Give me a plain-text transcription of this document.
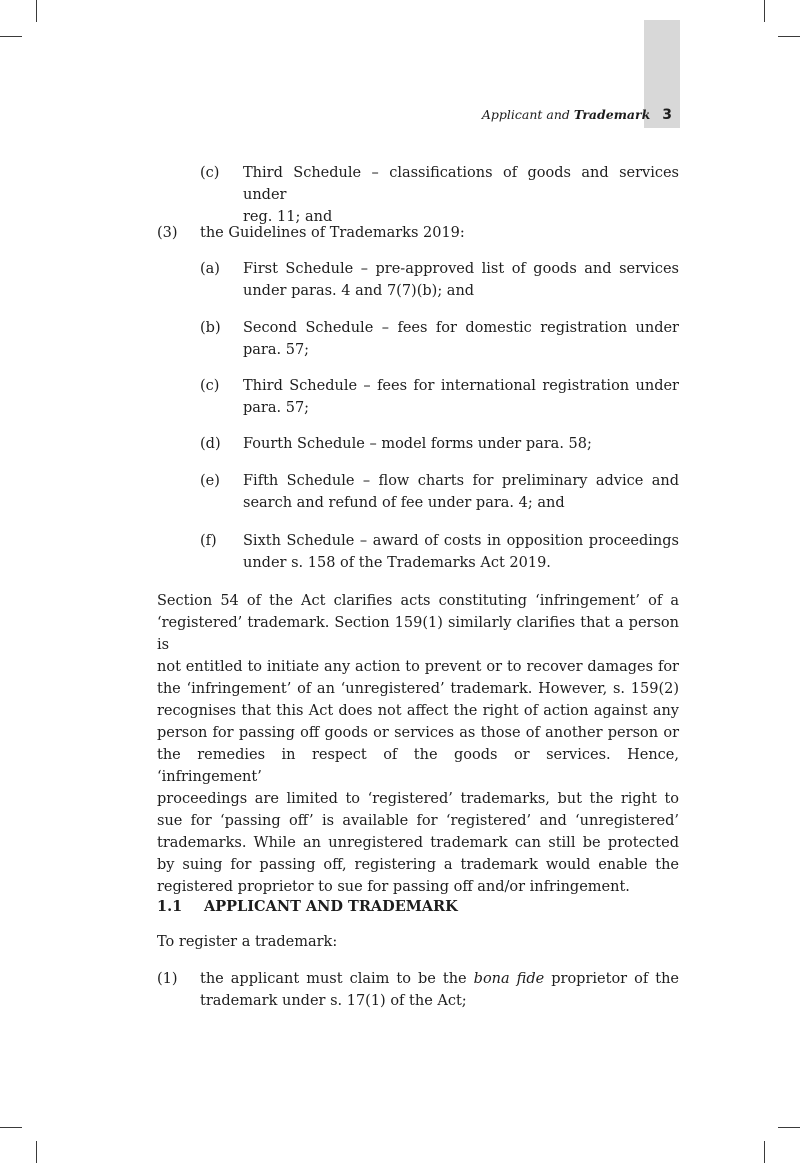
Applicant and Trademark 3
(c) Third Schedule – classifications of goods and services under
reg. 11; and
(3) the Guidelines of Trademarks 2019:
(a) First Schedule – pre-approved list of goods and services
under paras. 4 and 7(7)(b); and
(b) Second Schedule – fees for domestic registration under
para. 57;
(c) Third Schedule – fees for international registration under
para. 57;
(d) Fourth Schedule – model forms under para. 58;
(e) Fifth Schedule – flow charts for preliminary advice and
search and refund of fee under para. 4; and
(f) Sixth Schedule – award of costs in opposition proceedings
under s. 158 of the Trademarks Act 2019.
Section 54 of the Act clarifies acts constituting ‘infringement’ of a
‘registered’ trademark. Section 159(1) similarly clarifies that a person is
not entitled to initiate any action to prevent or to recover damages for
the ‘infringement’ of an ‘unregistered’ trademark. However, s. 159(2)
recognises that this Act does not affect the right of action against any
person for passing off goods or services as those of another person or
the remedies in respect of the goods or services. Hence, ‘infringement’
proceedings are limited to ‘registered’ trademarks, but the right to
sue for ‘passing off’ is available for ‘registered’ and ‘unregistered’
trademarks. While an unregistered trademark can still be protected
by suing for passing off, registering a trademark would enable the
registered proprietor to sue for passing off and/or infringement.
1.1 APPLICANT AND TRADEMARK
To register a trademark:
(1) the applicant must claim to be the bona fide proprietor of the
trademark under s. 17(1) of the Act;
